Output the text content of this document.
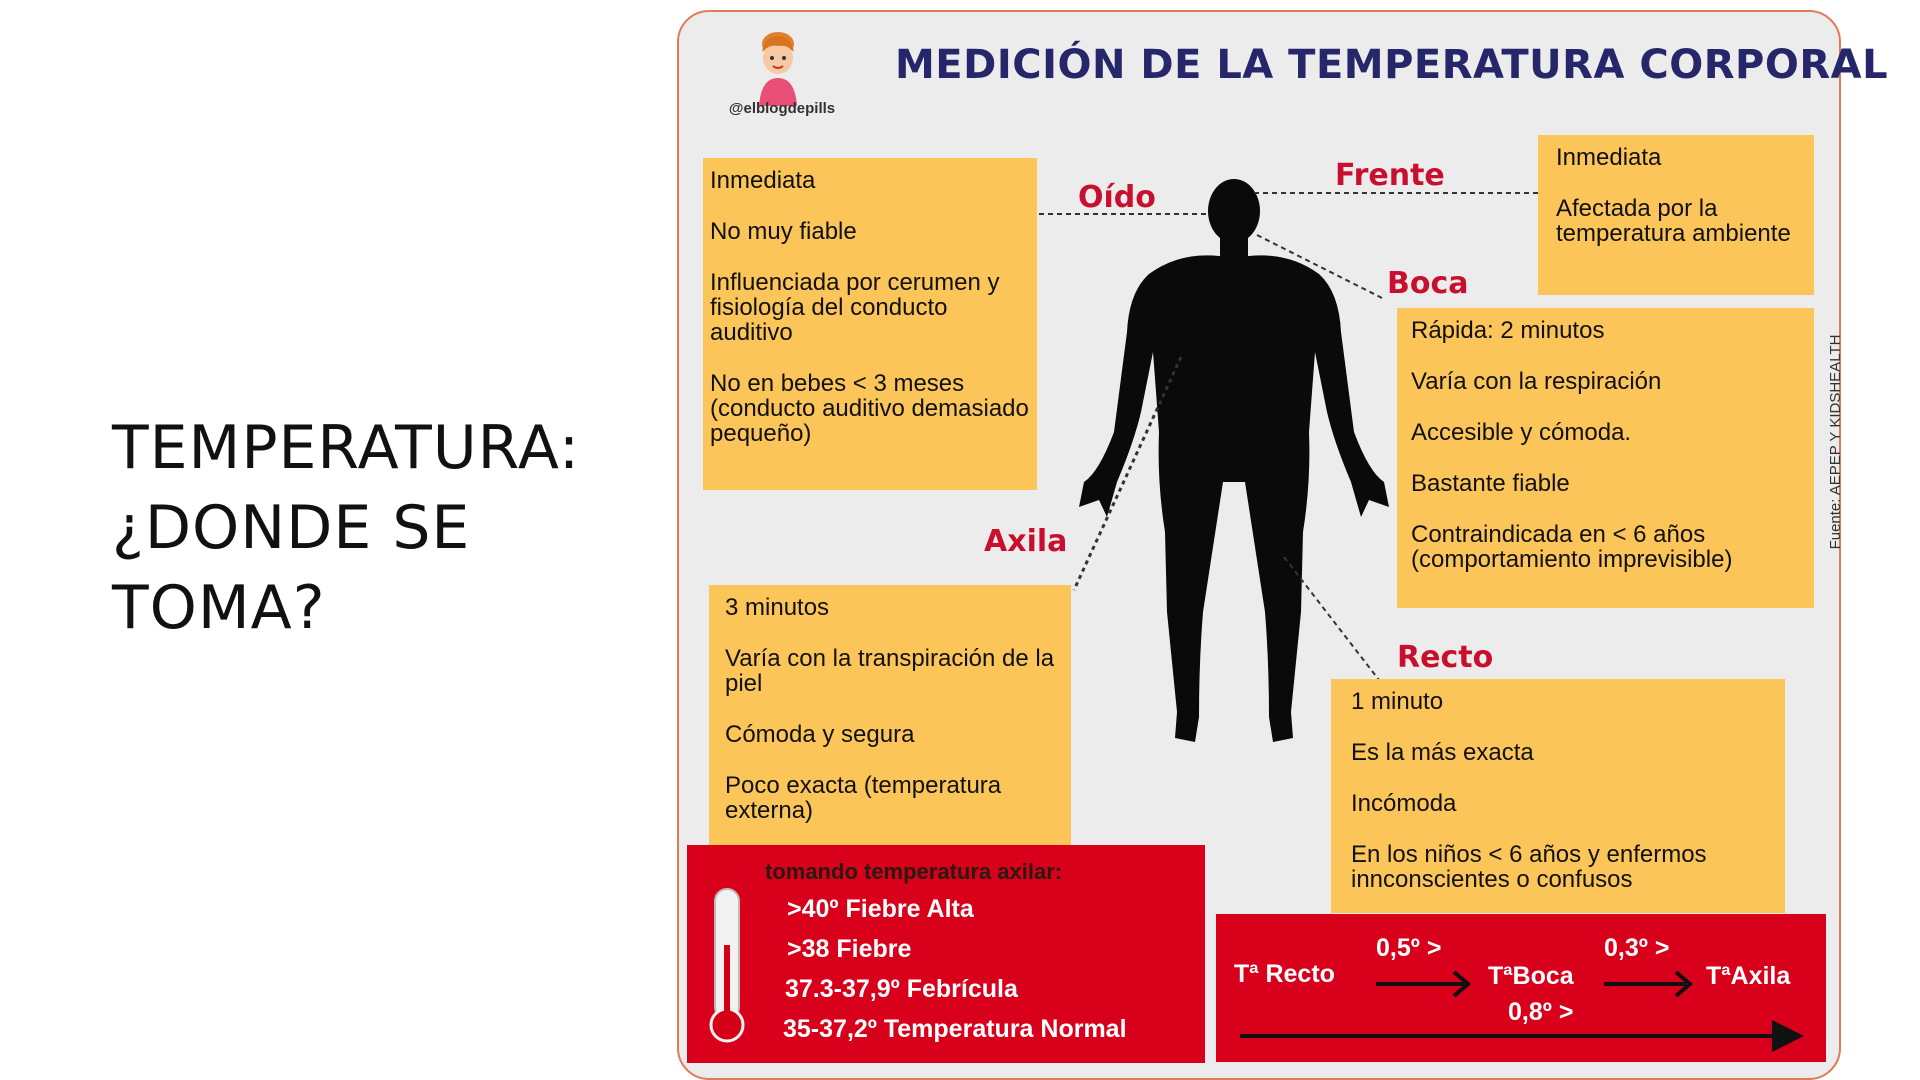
TEMPERATURA:
¿DONDE SE
TOMA?
@elblogdepills
MEDICIÓN DE LA TEMPERATURA CORPORAL
Oído
Frente
Boca
Axila
Recto

Inmediata

No muy fiable

Influenciada por cerumen y fisiología del conducto auditivo

No en bebes < 3 meses (conducto auditivo demasiado pequeño)

Inmediata

Afectada por la temperatura ambiente

Rápida: 2 minutos

Varía con la respiración

Accesible y cómoda.

Bastante fiable

Contraindicada en < 6 años (comportamiento imprevisible)

3 minutos

Varía con la transpiración de la piel

Cómoda y segura

Poco exacta (temperatura externa)

1 minuto

Es la más exacta

Incómoda

En los niños < 6 años y enfermos innconscientes o confusos

Fuente: AEPEP Y KIDSHEALTH
tomando temperatura axilar:
>40º Fiebre Alta
>38 Fiebre
37.3-37,9º Febrícula
35-37,2º Temperatura Normal
Tª Recto
0,5º >
TªBoca
0,3º >
TªAxila
0,8º >
